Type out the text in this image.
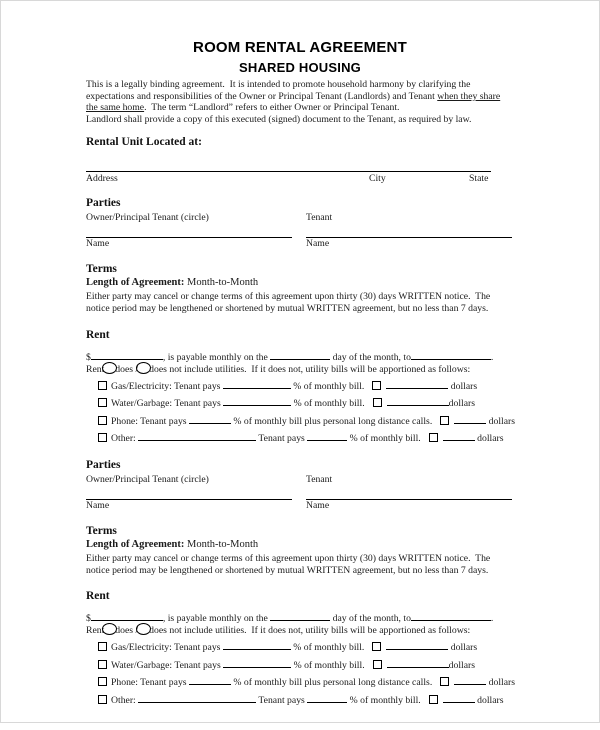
ROOM RENTAL AGREEMENT
SHARED HOUSING
This is a legally binding agreement.  It is intended to promote household harmony by clarifying the
expectations and responsibilities of the Owner or Principal Tenant (Landlords) and Tenant when they share
the same home.  The term “Landlord” refers to either Owner or Principal Tenant.
Landlord shall provide a copy of this executed (signed) document to the Tenant, as required by law.
Rental Unit Located at:
Address	City	State
Parties
Owner/Principal Tenant (circle)
Name
Tenant
Name
Terms
Length of Agreement: Month-to-Month
Either party may cancel or change terms of this agreement upon thirty (30) days WRITTEN notice.  The
notice period may be lengthened or shortened by mutual WRITTEN agreement, but no less than 7 days.
Rent
$	, is payable monthly on the	day of the month, to	.
Rent does / does not include utilities.  If it does not, utility bills will be apportioned as follows:
Gas/Electricity: Tenant pays	% of monthly bill.	dollars
Water/Garbage: Tenant pays	% of monthly bill.	dollars
Phone: Tenant pays	% of monthly bill plus personal long distance calls.	dollars
Other:	Tenant pays	% of monthly bill.	dollars
Parties
Owner/Principal Tenant (circle)
Name
Tenant
Name
Terms
Length of Agreement: Month-to-Month
Either party may cancel or change terms of this agreement upon thirty (30) days WRITTEN notice.  The
notice period may be lengthened or shortened by mutual WRITTEN agreement, but no less than 7 days.
Rent
$	, is payable monthly on the	day of the month, to	.
Rent does / does not include utilities.  If it does not, utility bills will be apportioned as follows:
Gas/Electricity: Tenant pays	% of monthly bill.	dollars
Water/Garbage: Tenant pays	% of monthly bill.	dollars
Phone: Tenant pays	% of monthly bill plus personal long distance calls.	dollars
Other:	Tenant pays	% of monthly bill.	dollars
